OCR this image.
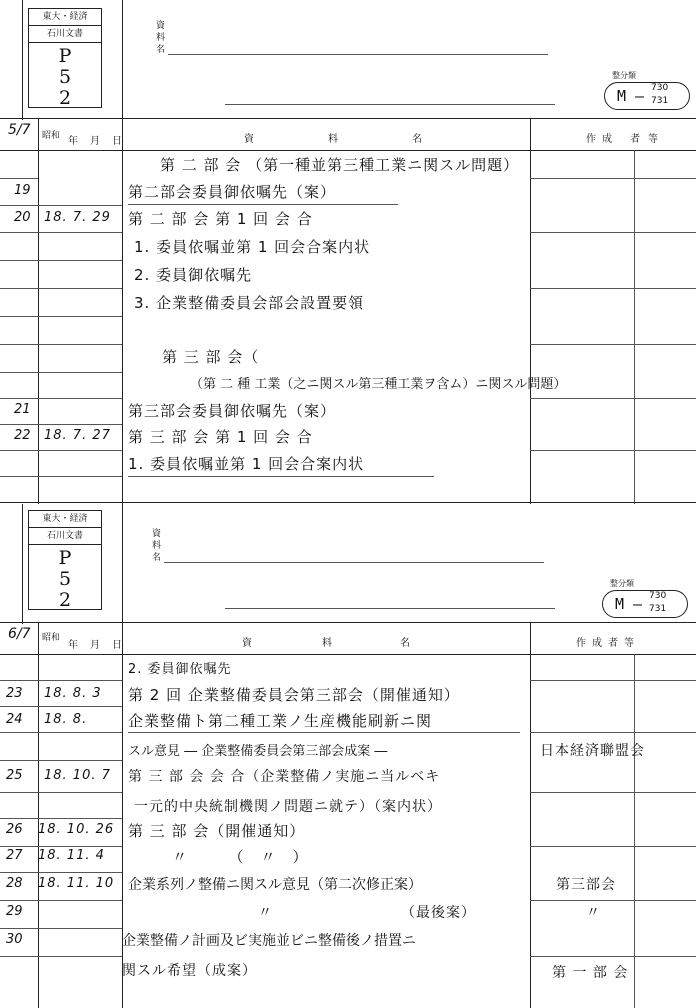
東大・経済
石川文書
P
5
2
資
料
名
整分類
M — 730
731
5/7 昭和 年 月 日	資	料	名	作 成 者 等
第 二 部 会 （第一種並第三種工業ニ関スル問題）
19	第二部会委員御依嘱先（案）
20 18. 7. 29 第 二 部 会 第 1 回 会 合
1. 委員依嘱並第 1 回会合案内状
2. 委員御依嘱先
3. 企業整備委員会部会設置要領
第 三 部 会（
（第 二 種 工業（之ニ関スル第三種工業ヲ含ム）ニ関スル問題）
21	第三部会委員御依嘱先（案）
22 18. 7. 27 第 三 部 会 第 1 回 会 合
1. 委員依嘱並第 1 回会合案内状
東大・経済
石川文書
P
5
2
資
料
名
整分類
M — 730
731
6/7 昭和
年 月 日	資	料	名	作 成 者 等
2. 委員御依嘱先
23 18. 8. 3 第 2 回 企業整備委員会第三部会（開催通知）
24 18. 8.	企業整備ト第二種工業ノ生産機能刷新ニ関
スル意見 ― 企業整備委員会第三部会成案 ―	日本経済聯盟会
25 18. 10. 7 第 三 部 会 会 合（企業整備ノ実施ニ当ルベキ
一元的中央統制機関ノ問題ニ就テ）（案内状）
26 18. 10. 26 第 三 部 会（開催通知）
27 18. 11. 4	〃　　　（　〃　）
28 18. 11. 10 企業系列ノ整備ニ関スル意見（第二次修正案）	第三部会
29	〃　　　　　　　　　（最後案）	〃
30	企業整備ノ計画及ビ実施並ビニ整備後ノ措置ニ
関スル希望（成案）	第 一 部 会
